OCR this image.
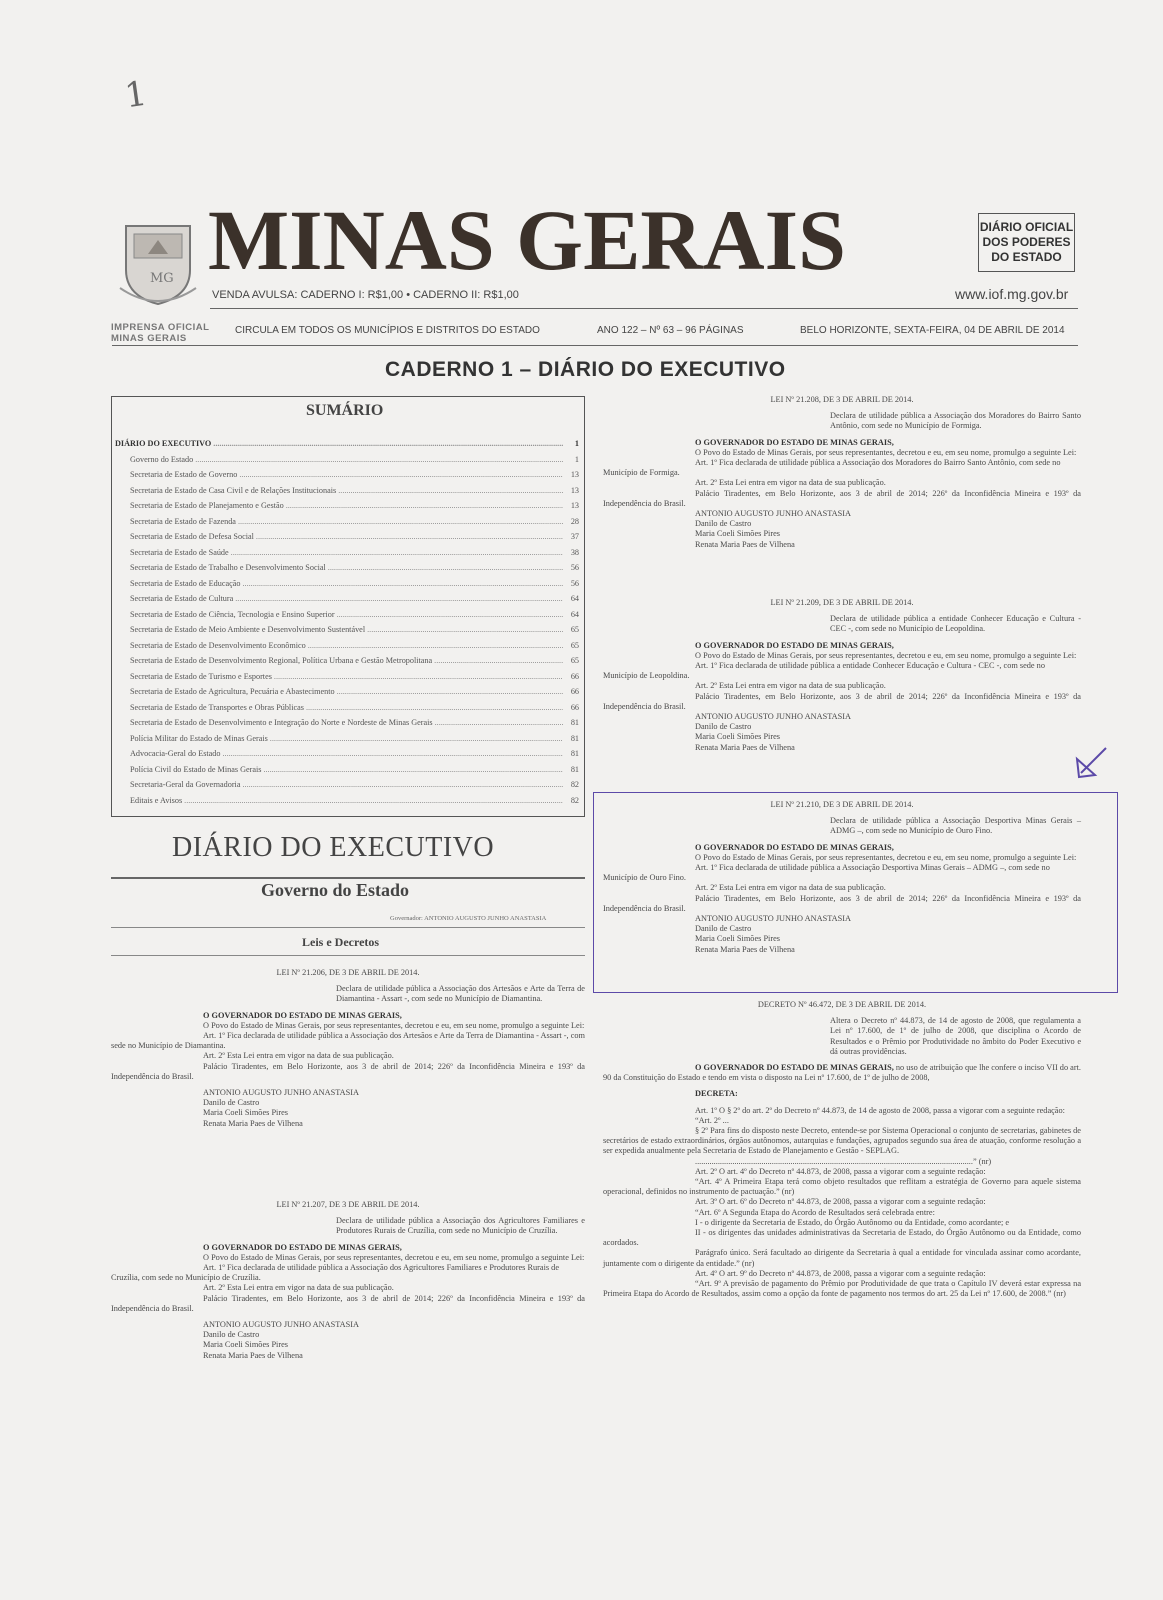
1
MG
IMPRENSA OFICIAL
MINAS GERAIS
MINAS GERAIS	DIÁRIO OFICIAL
DOS PODERES
DO ESTADO
VENDA AVULSA: CADERNO I: R$1,00 • CADERNO II: R$1,00	www.iof.mg.gov.br
CIRCULA EM TODOS OS MUNICÍPIOS E DISTRITOS DO ESTADO	ANO 122 – Nº 63 – 96 PÁGINAS	BELO HORIZONTE, SEXTA-FEIRA, 04 DE ABRIL DE 2014
CADERNO 1 – DIÁRIO DO EXECUTIVO
SUMÁRIO
DIÁRIO DO EXECUTIVO .....	1
Governo do Estado .....	1
Secretaria de Estado de Governo .....	13
Secretaria de Estado de Casa Civil e de Relações Institucionais .....	13
Secretaria de Estado de Planejamento e Gestão .....	13
Secretaria de Estado de Fazenda .....	28
Secretaria de Estado de Defesa Social .....	37
Secretaria de Estado de Saúde .....	38
Secretaria de Estado de Trabalho e Desenvolvimento Social .....	56
Secretaria de Estado de Educação .....	56
Secretaria de Estado de Cultura .....	64
Secretaria de Estado de Ciência, Tecnologia e Ensino Superior .....	64
Secretaria de Estado de Meio Ambiente e Desenvolvimento Sustentável .....	65
Secretaria de Estado de Desenvolvimento Econômico .....	65
Secretaria de Estado de Desenvolvimento Regional, Política Urbana e Gestão Metropolitana .....	65
Secretaria de Estado de Turismo e Esportes .....	66
Secretaria de Estado de Agricultura, Pecuária e Abastecimento .....	66
Secretaria de Estado de Transportes e Obras Públicas .....	66
Secretaria de Estado de Desenvolvimento e Integração do Norte e Nordeste de Minas Gerais .....	81
Polícia Militar do Estado de Minas Gerais .....	81
Advocacia-Geral do Estado .....	81
Polícia Civil do Estado de Minas Gerais .....	81
Secretaria-Geral da Governadoria .....	82
Editais e Avisos .....	82
DIÁRIO DO EXECUTIVO
Governo do Estado
Governador: ANTONIO AUGUSTO JUNHO ANASTASIA
Leis e Decretos

LEI Nº 21.206, DE 3 DE ABRIL DE 2014.

Declara de utilidade pública a Associação dos Artesãos e Arte da Terra de Diamantina - Assart -, com sede no Município de Diamantina.

O GOVERNADOR DO ESTADO DE MINAS GERAIS,

O Povo do Estado de Minas Gerais, por seus representantes, decretou e eu, em seu nome, promulgo a seguinte Lei:

Art. 1º Fica declarada de utilidade pública a Associação dos Artesãos e Arte da Terra de Diamantina - Assart -, com sede no Município de Diamantina.

Art. 2º Esta Lei entra em vigor na data de sua publicação.

Palácio Tiradentes, em Belo Horizonte, aos 3 de abril de 2014; 226º da Inconfidência Mineira e 193º da Independência do Brasil.

ANTONIO AUGUSTO JUNHO ANASTASIA

Danilo de Castro

Maria Coeli Simões Pires

Renata Maria Paes de Vilhena

LEI Nº 21.207, DE 3 DE ABRIL DE 2014.

Declara de utilidade pública a Associação dos Agricultores Familiares e Produtores Rurais de Cruzília, com sede no Município de Cruzília.

O GOVERNADOR DO ESTADO DE MINAS GERAIS,

O Povo do Estado de Minas Gerais, por seus representantes, decretou e eu, em seu nome, promulgo a seguinte Lei:

Art. 1º Fica declarada de utilidade pública a Associação dos Agricultores Familiares e Produtores Rurais de Cruzília, com sede no Município de Cruzília.

Art. 2º Esta Lei entra em vigor na data de sua publicação.

Palácio Tiradentes, em Belo Horizonte, aos 3 de abril de 2014; 226º da Inconfidência Mineira e 193º da Independência do Brasil.

ANTONIO AUGUSTO JUNHO ANASTASIA

Danilo de Castro

Maria Coeli Simões Pires

Renata Maria Paes de Vilhena

LEI Nº 21.208, DE 3 DE ABRIL DE 2014.

Declara de utilidade pública a Associação dos Moradores do Bairro Santo Antônio, com sede no Município de Formiga.

O GOVERNADOR DO ESTADO DE MINAS GERAIS,

O Povo do Estado de Minas Gerais, por seus representantes, decretou e eu, em seu nome, promulgo a seguinte Lei:

Art. 1º Fica declarada de utilidade pública a Associação dos Moradores do Bairro Santo Antônio, com sede no Município de Formiga.

Art. 2º Esta Lei entra em vigor na data de sua publicação.

Palácio Tiradentes, em Belo Horizonte, aos 3 de abril de 2014; 226º da Inconfidência Mineira e 193º da Independência do Brasil.

ANTONIO AUGUSTO JUNHO ANASTASIA

Danilo de Castro

Maria Coeli Simões Pires

Renata Maria Paes de Vilhena

LEI Nº 21.209, DE 3 DE ABRIL DE 2014.

Declara de utilidade pública a entidade Conhecer Educação e Cultura - CEC -, com sede no Município de Leopoldina.

O GOVERNADOR DO ESTADO DE MINAS GERAIS,

O Povo do Estado de Minas Gerais, por seus representantes, decretou e eu, em seu nome, promulgo a seguinte Lei:

Art. 1º Fica declarada de utilidade pública a entidade Conhecer Educação e Cultura - CEC -, com sede no Município de Leopoldina.

Art. 2º Esta Lei entra em vigor na data de sua publicação.

Palácio Tiradentes, em Belo Horizonte, aos 3 de abril de 2014; 226º da Inconfidência Mineira e 193º da Independência do Brasil.

ANTONIO AUGUSTO JUNHO ANASTASIA

Danilo de Castro

Maria Coeli Simões Pires

Renata Maria Paes de Vilhena

LEI Nº 21.210, DE 3 DE ABRIL DE 2014.

Declara de utilidade pública a Associação Desportiva Minas Gerais – ADMG –, com sede no Município de Ouro Fino.

O GOVERNADOR DO ESTADO DE MINAS GERAIS,

O Povo do Estado de Minas Gerais, por seus representantes, decretou e eu, em seu nome, promulgo a seguinte Lei:

Art. 1º Fica declarada de utilidade pública a Associação Desportiva Minas Gerais – ADMG –, com sede no Município de Ouro Fino.

Art. 2º Esta Lei entra em vigor na data de sua publicação.

Palácio Tiradentes, em Belo Horizonte, aos 3 de abril de 2014; 226º da Inconfidência Mineira e 193º da Independência do Brasil.

ANTONIO AUGUSTO JUNHO ANASTASIA

Danilo de Castro

Maria Coeli Simões Pires

Renata Maria Paes de Vilhena

DECRETO Nº 46.472, DE 3 DE ABRIL DE 2014.

Altera o Decreto nº 44.873, de 14 de agosto de 2008, que regulamenta a Lei nº 17.600, de 1º de julho de 2008, que disciplina o Acordo de Resultados e o Prêmio por Produtividade no âmbito do Poder Executivo e dá outras providências.

O GOVERNADOR DO ESTADO DE MINAS GERAIS, no uso de atribuição que lhe confere o inciso VII do art. 90 da Constituição do Estado e tendo em vista o disposto na Lei nº 17.600, de 1º de julho de 2008,

DECRETA:

Art. 1º O § 2º do art. 2º do Decreto nº 44.873, de 14 de agosto de 2008, passa a vigorar com a seguinte redação:

“Art. 2º ...

§ 2º Para fins do disposto neste Decreto, entende-se por Sistema Operacional o conjunto de secretarias, gabinetes de secretários de estado extraordinários, órgãos autônomos, autarquias e fundações, agrupados segundo sua área de atuação, conforme resolução a ser expedida anualmente pela Secretaria de Estado de Planejamento e Gestão - SEPLAG.

......................................................................................................................................” (nr)

Art. 2º O art. 4º do Decreto nº 44.873, de 2008, passa a vigorar com a seguinte redação:

“Art. 4º A Primeira Etapa terá como objeto resultados que reflitam a estratégia de Governo para aquele sistema operacional, definidos no instrumento de pactuação.” (nr)

Art. 3º O art. 6º do Decreto nº 44.873, de 2008, passa a vigorar com a seguinte redação:

“Art. 6º A Segunda Etapa do Acordo de Resultados será celebrada entre:

I - o dirigente da Secretaria de Estado, do Órgão Autônomo ou da Entidade, como acordante; e

II - os dirigentes das unidades administrativas da Secretaria de Estado, do Órgão Autônomo ou da Entidade, como acordados.

Parágrafo único. Será facultado ao dirigente da Secretaria à qual a entidade for vinculada assinar como acordante, juntamente com o dirigente da entidade.” (nr)

Art. 4º O art. 9º do Decreto nº 44.873, de 2008, passa a vigorar com a seguinte redação:

“Art. 9º A previsão de pagamento do Prêmio por Produtividade de que trata o Capítulo IV deverá estar expressa na Primeira Etapa do Acordo de Resultados, assim como a opção da fonte de pagamento nos termos do art. 25 da Lei nº 17.600, de 2008.” (nr)
